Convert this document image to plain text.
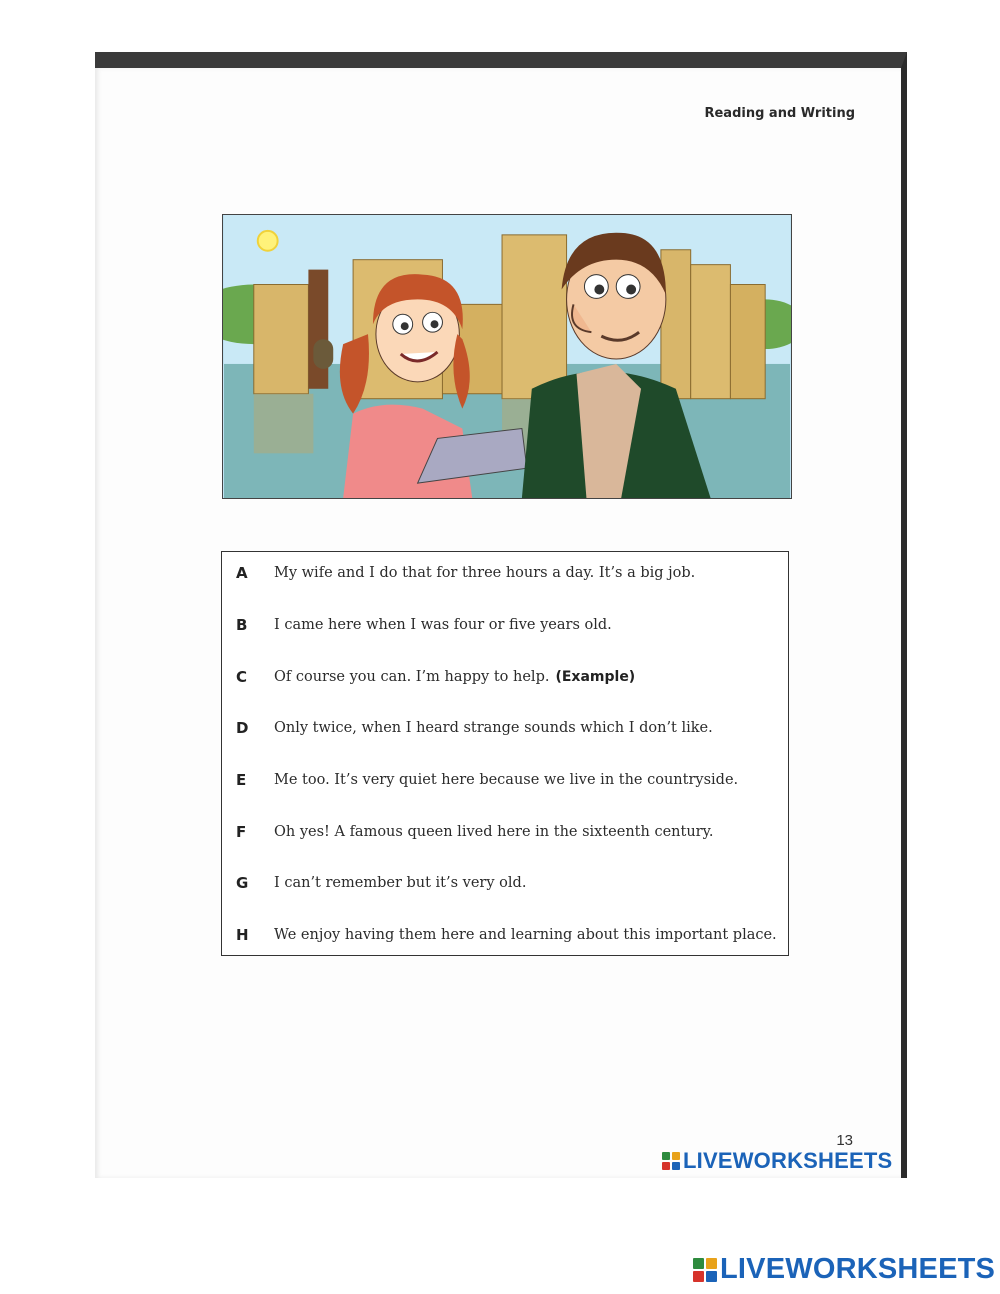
Reading and Writing
A	My wife and I do that for three hours a day. It’s a big job.
B	I came here when I was four or five years old.
C	Of course you can. I’m happy to help. (Example)
D	Only twice, when I heard strange sounds which I don’t like.
E	Me too. It’s very quiet here because we live in the countryside.
F	Oh yes! A famous queen lived here in the sixteenth century.
G	I can’t remember but it’s very old.
H	We enjoy having them here and learning about this important place.
13
LIVEWORKSHEETS
LIVEWORKSHEETS
